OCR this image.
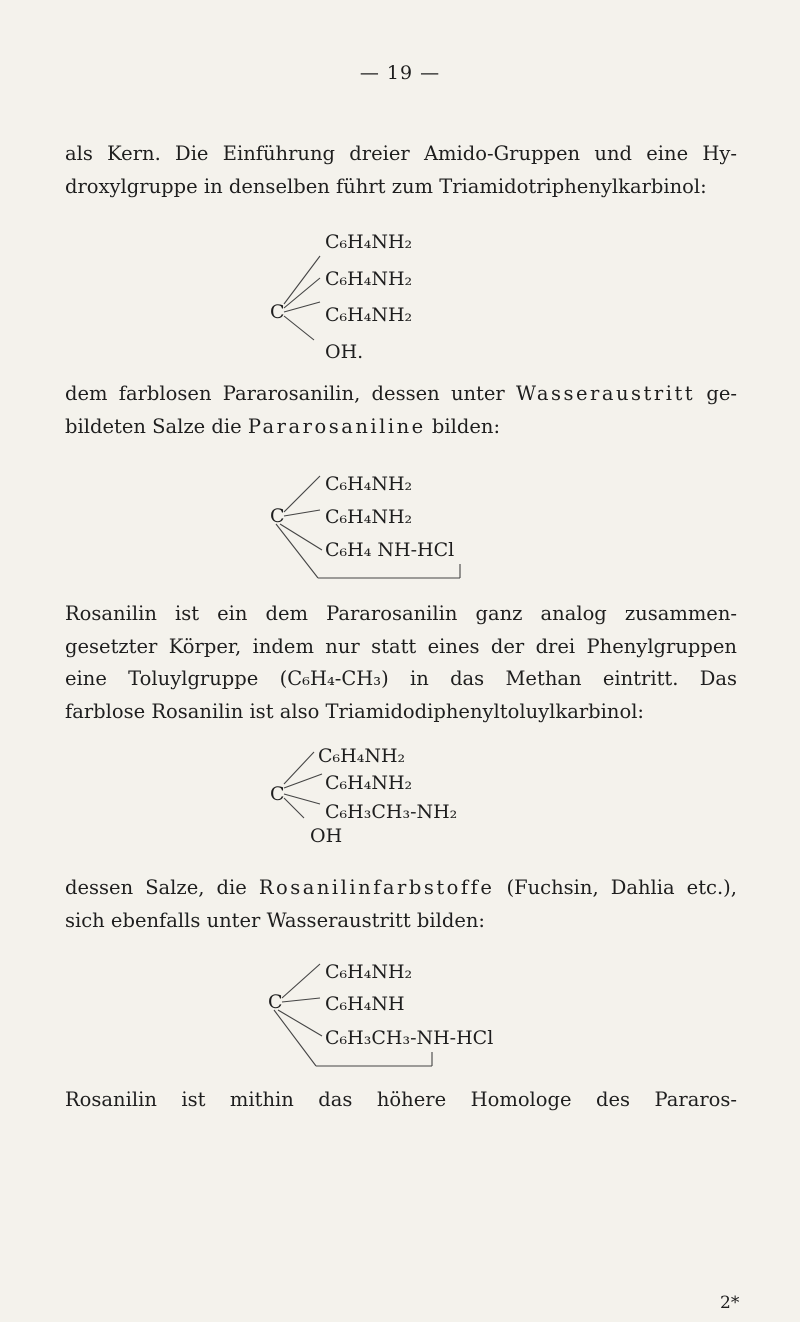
— 19 —
als Kern. Die Einführung dreier Amido-Gruppen und eine Hy-
droxylgruppe in denselben führt zum Triamidotriphenylkarbinol:
C
C₆H₄NH₂
C₆H₄NH₂
C₆H₄NH₂
OH.
dem farblosen Pararosanilin, dessen unter Wasseraustritt ge-
bildeten Salze die Pararosaniline bilden:
C
C₆H₄NH₂
C₆H₄NH₂
C₆H₄ NH-HCl
Rosanilin ist ein dem Pararosanilin ganz analog zusammen- gesetzter Körper, indem nur statt eines der drei Phenylgruppen eine Toluylgruppe (C₆H₄-CH₃) in das Methan eintritt. Das
farblose Rosanilin ist also Triamidodiphenyltoluylkarbinol:
C
C₆H₄NH₂
C₆H₄NH₂
C₆H₃CH₃-NH₂
OH
dessen Salze, die Rosanilinfarbstoffe (Fuchsin, Dahlia etc.),
sich ebenfalls unter Wasseraustritt bilden:
C
C₆H₄NH₂
C₆H₄NH
C₆H₃CH₃-NH-HCl
Rosanilin ist mithin das höhere Homologe des Pararos-
2*
